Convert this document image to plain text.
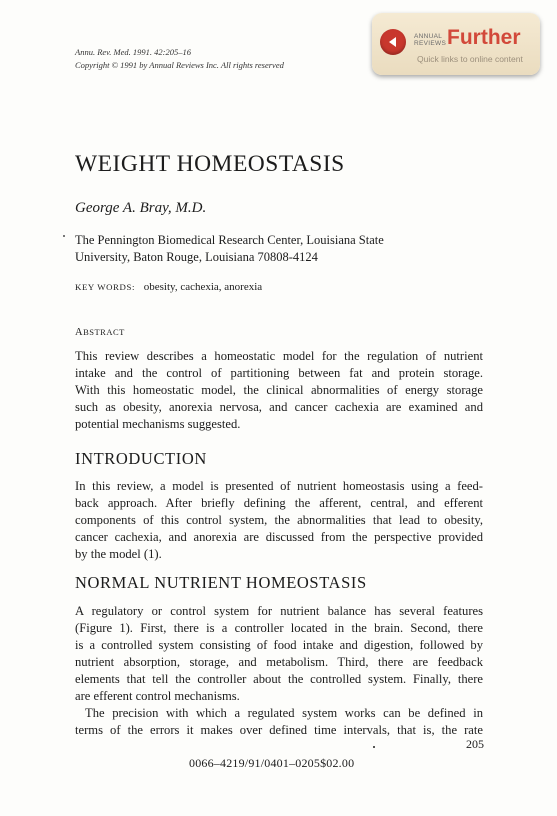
Annu. Rev. Med. 1991. 42:205–16
Copyright © 1991 by Annual Reviews Inc. All rights reserved
ANNUAL
REVIEWS Further
Quick links to online content
WEIGHT HOMEOSTASIS
George A. Bray, M.D.
The Pennington Biomedical Research Center, Louisiana State
University, Baton Rouge, Louisiana 70808-4124
KEY WORDS: obesity, cachexia, anorexia
ABSTRACT
This review describes a homeostatic model for the regulation of nutrient
intake and the control of partitioning between fat and protein storage.
With this homeostatic model, the clinical abnormalities of energy storage
such as obesity, anorexia nervosa, and cancer cachexia are examined and
potential mechanisms suggested.
INTRODUCTION
In this review, a model is presented of nutrient homeostasis using a feed-
back approach. After briefly defining the afferent, central, and efferent
components of this control system, the abnormalities that lead to obesity,
cancer cachexia, and anorexia are discussed from the perspective provided
by the model (1).
NORMAL NUTRIENT HOMEOSTASIS
A regulatory or control system for nutrient balance has several features
(Figure 1). First, there is a controller located in the brain. Second, there
is a controlled system consisting of food intake and digestion, followed by
nutrient absorption, storage, and metabolism. Third, there are feedback
elements that tell the controller about the controlled system. Finally, there
are efferent control mechanisms.
The precision with which a regulated system works can be defined in
terms of the errors it makes over defined time intervals, that is, the rate
205
0066–4219/91/0401–0205$02.00
